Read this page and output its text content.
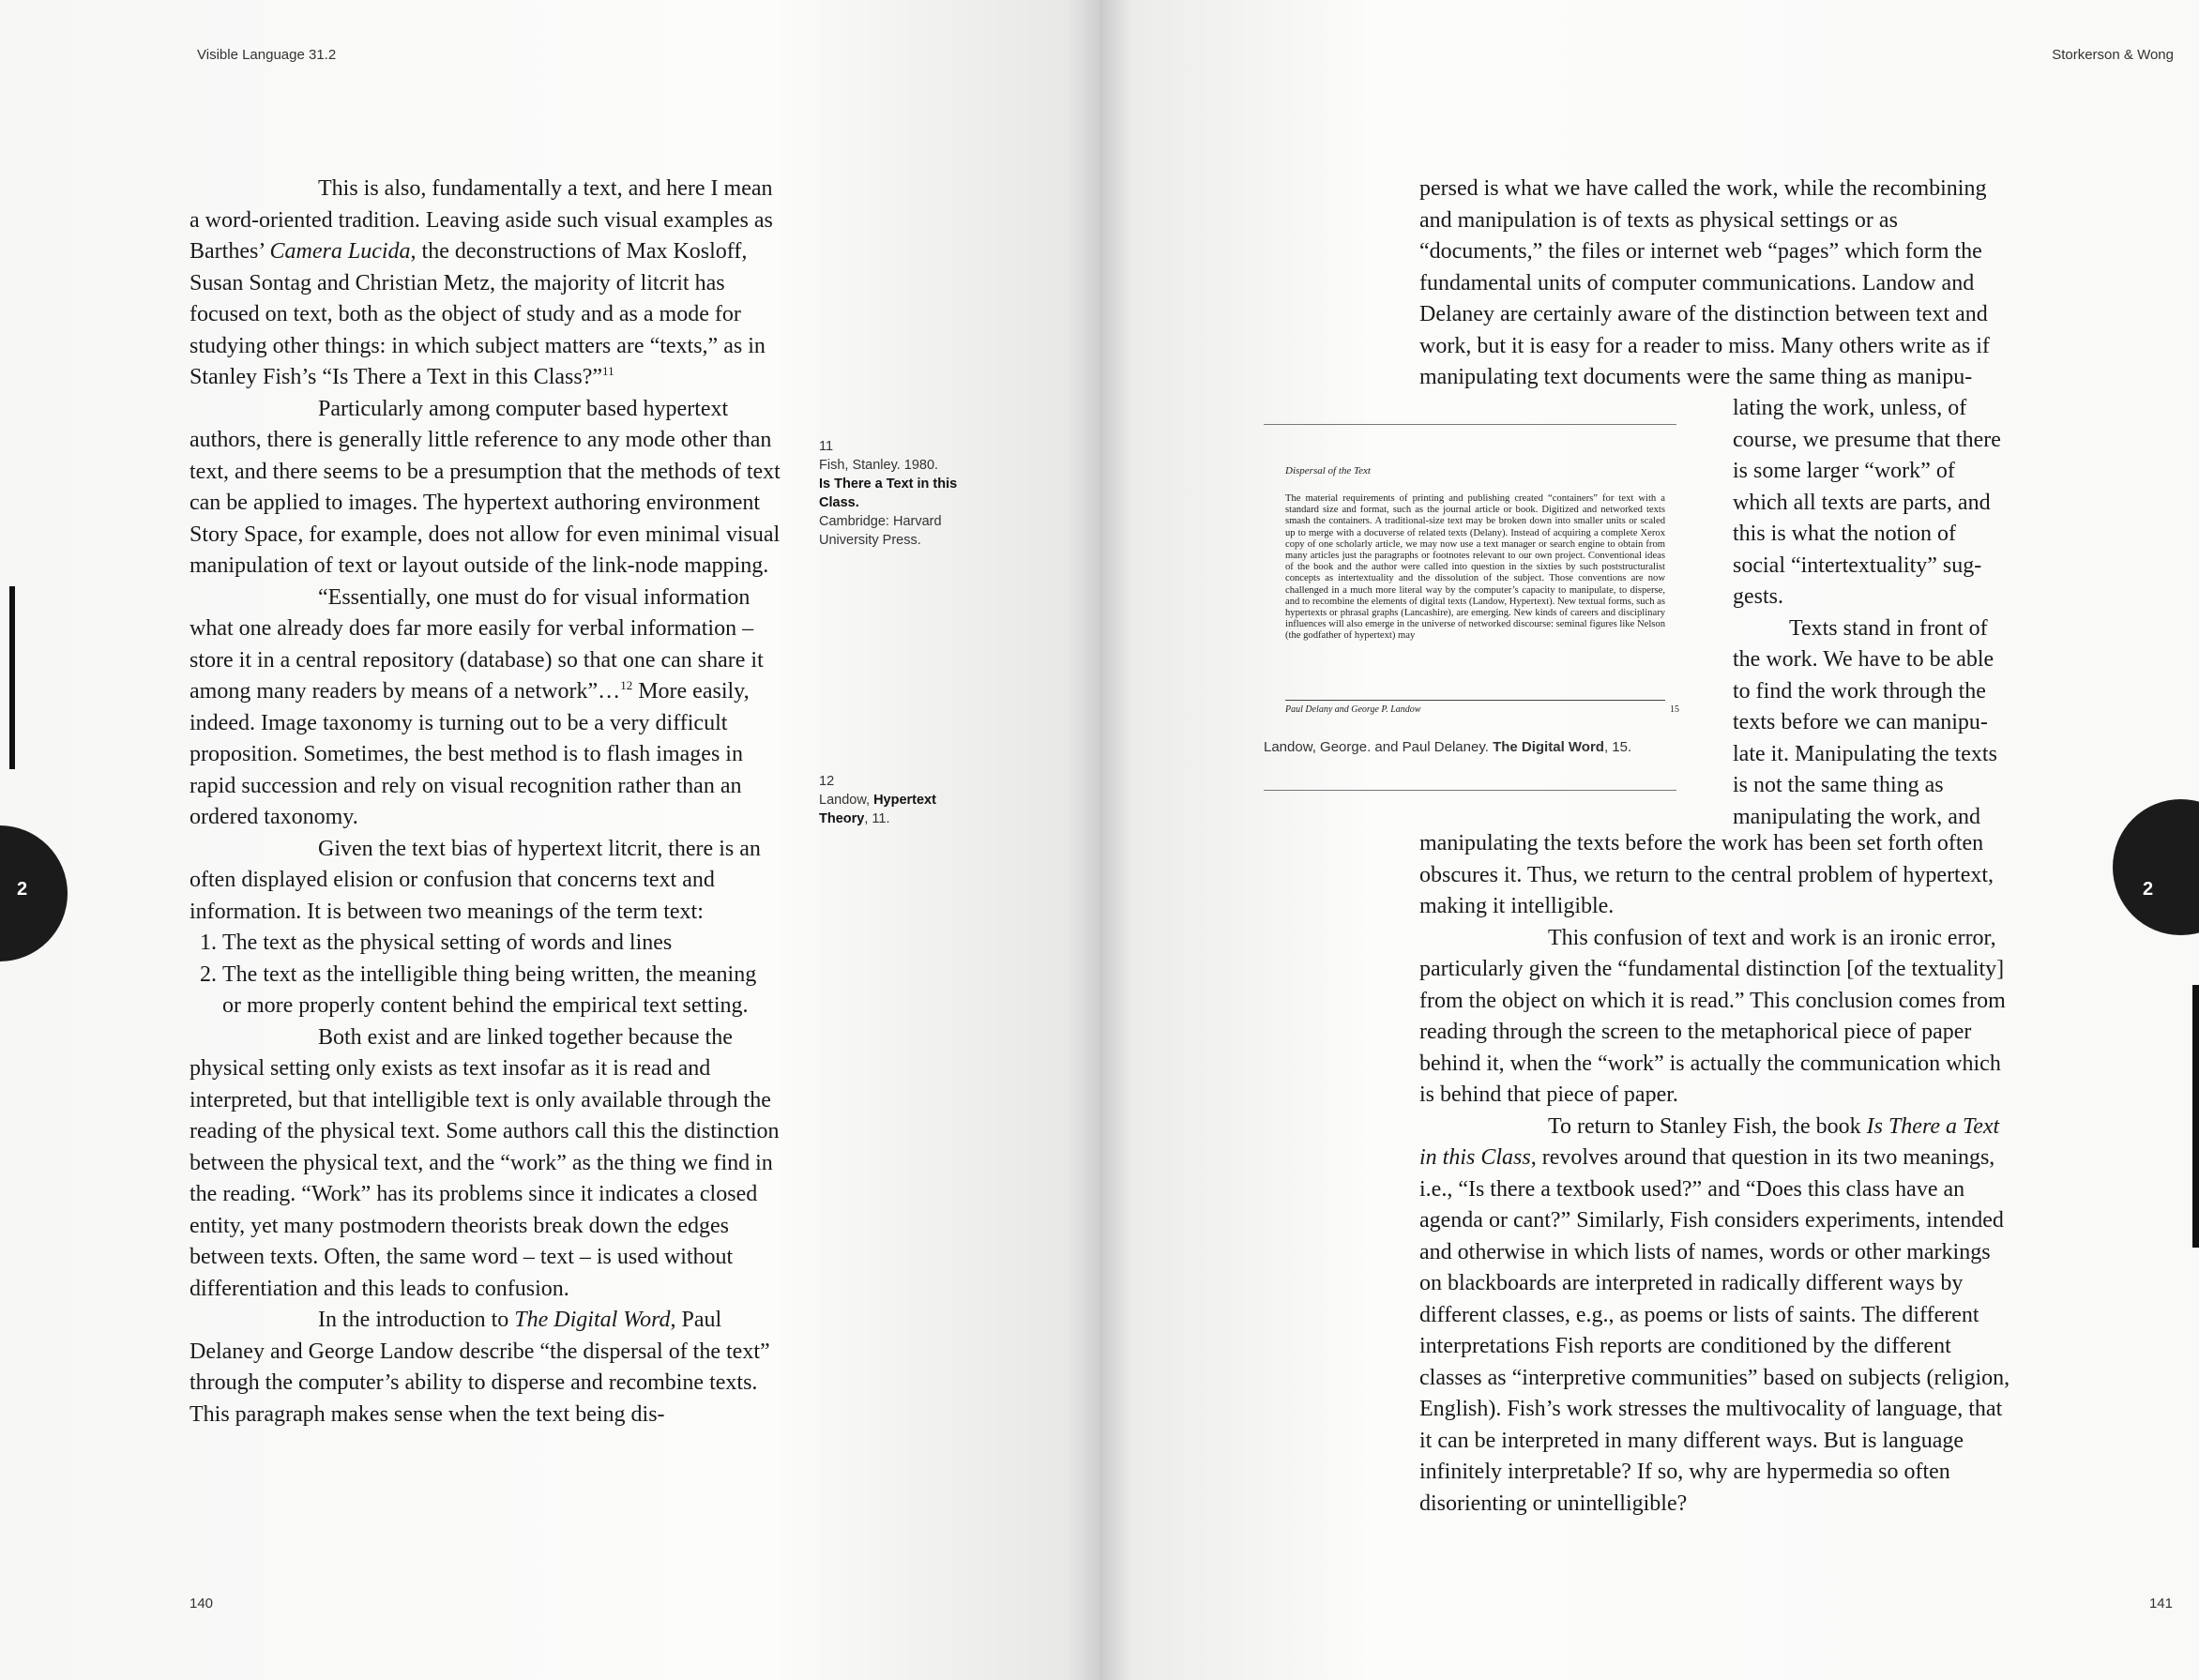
Visible Language 31.2

This is also, fundamentally a text, and here I mean a word-oriented tradition. Leaving aside such visual examples as Barthes’ Camera Lucida, the deconstructions of Max Kosloff, Susan Sontag and Christian Metz, the majority of litcrit has focused on text, both as the object of study and as a mode for studying other things: in which subject matters are “texts,” as in Stanley Fish’s “Is There a Text in this Class?”$^{11}$

Particularly among computer based hypertext authors, there is generally little reference to any mode other than text, and there seems to be a presumption that the methods of text can be applied to images. The hypertext authoring environment Story Space, for example, does not allow for even minimal visual manipulation of text or layout outside of the link-node mapping.

“Essentially, one must do for visual information what one already does far more easily for verbal information – store it in a central repository (database) so that one can share it among many readers by means of a network”…$^{12}$ More easily, indeed. Image taxonomy is turning out to be a very difficult proposition. Sometimes, the best method is to flash images in rapid succession and rely on visual recognition rather than an ordered taxonomy.

Given the text bias of hypertext litcrit, there is an often displayed elision or confusion that concerns text and information. It is between two meanings of the term text:

1. The text as the physical setting of words and lines
2. The text as the intelligible thing being written, the meaning or more properly content behind the empirical text setting.

Both exist and are linked together because the physical setting only exists as text insofar as it is read and interpreted, but that intelligible text is only available through the reading of the physical text. Some authors call this the distinction between the physical text, and the “work” as the thing we find in the reading. “Work” has its problems since it indicates a closed entity, yet many postmodern theorists break down the edges between texts. Often, the same word – text – is used without differentiation and this leads to confusion.

In the introduction to The Digital Word, Paul Delaney and George Landow describe “the dispersal of the text” through the computer’s ability to disperse and recombine texts. This paragraph makes sense when the text being dis-

11
Fish, Stanley. 1980.
Is There a Text in this Class.
Cambridge: Harvard University Press.
12
Landow, Hypertext Theory, 11.
2
140
Storkerson & Wong

persed is what we have called the work, while the recombining and manipulation is of texts as physical settings or as “documents,” the files or internet web “pages” which form the fundamental units of computer communications. Landow and Delaney are certainly aware of the distinction between text and work, but it is easy for a reader to miss. Many others write as if manipulating text documents were the same thing as manipu-

lating the work, unless, of

course, we presume that there

is some larger “work” of

which all texts are parts, and

this is what the notion of

social “intertextuality” sug-

gests.

Texts stand in front of

the work. We have to be able

to find the work through the

texts before we can manipu-

late it. Manipulating the texts

is not the same thing as

manipulating the work, and

Dispersal of the Text
The material requirements of printing and publishing created “containers” for text with a standard size and format, such as the journal article or book. Digitized and networked texts smash the containers. A traditional-size text may be broken down into smaller units or scaled up to merge with a docuverse of related texts (Delany). Instead of acquiring a complete Xerox copy of one scholarly article, we may now use a text manager or search engine to obtain from many articles just the paragraphs or footnotes relevant to our own project. Conventional ideas of the book and the author were called into question in the sixties by such poststructuralist concepts as intertextuality and the dissolution of the subject. Those conventions are now challenged in a much more literal way by the computer’s capacity to manipulate, to disperse, and to recombine the elements of digital texts (Landow, Hypertext). New textual forms, such as hypertexts or phrasal graphs (Lancashire), are emerging. New kinds of careers and disciplinary influences will also emerge in the universe of networked discourse: seminal figures like Nelson (the godfather of hypertext) may
Paul Delany and George P. Landow	15
Landow, George. and Paul Delaney. The Digital Word, 15.

manipulating the texts before the work has been set forth often obscures it. Thus, we return to the central problem of hypertext, making it intelligible.

This confusion of text and work is an ironic error, particularly given the “fundamental distinction [of the textuality] from the object on which it is read.” This conclusion comes from reading through the screen to the metaphorical piece of paper behind it, when the “work” is actually the communication which is behind that piece of paper.

To return to Stanley Fish, the book Is There a Text in this Class, revolves around that question in its two meanings, i.e., “Is there a textbook used?” and “Does this class have an agenda or cant?” Similarly, Fish considers experiments, intended and otherwise in which lists of names, words or other markings on blackboards are interpreted in radically different ways by different classes, e.g., as poems or lists of saints. The different interpretations Fish reports are conditioned by the different classes as “interpretive communities” based on subjects (religion, English). Fish’s work stresses the multivocality of language, that it can be interpreted in many different ways. But is language infinitely interpretable? If so, why are hypermedia so often disorienting or unintelligible?

2
141
